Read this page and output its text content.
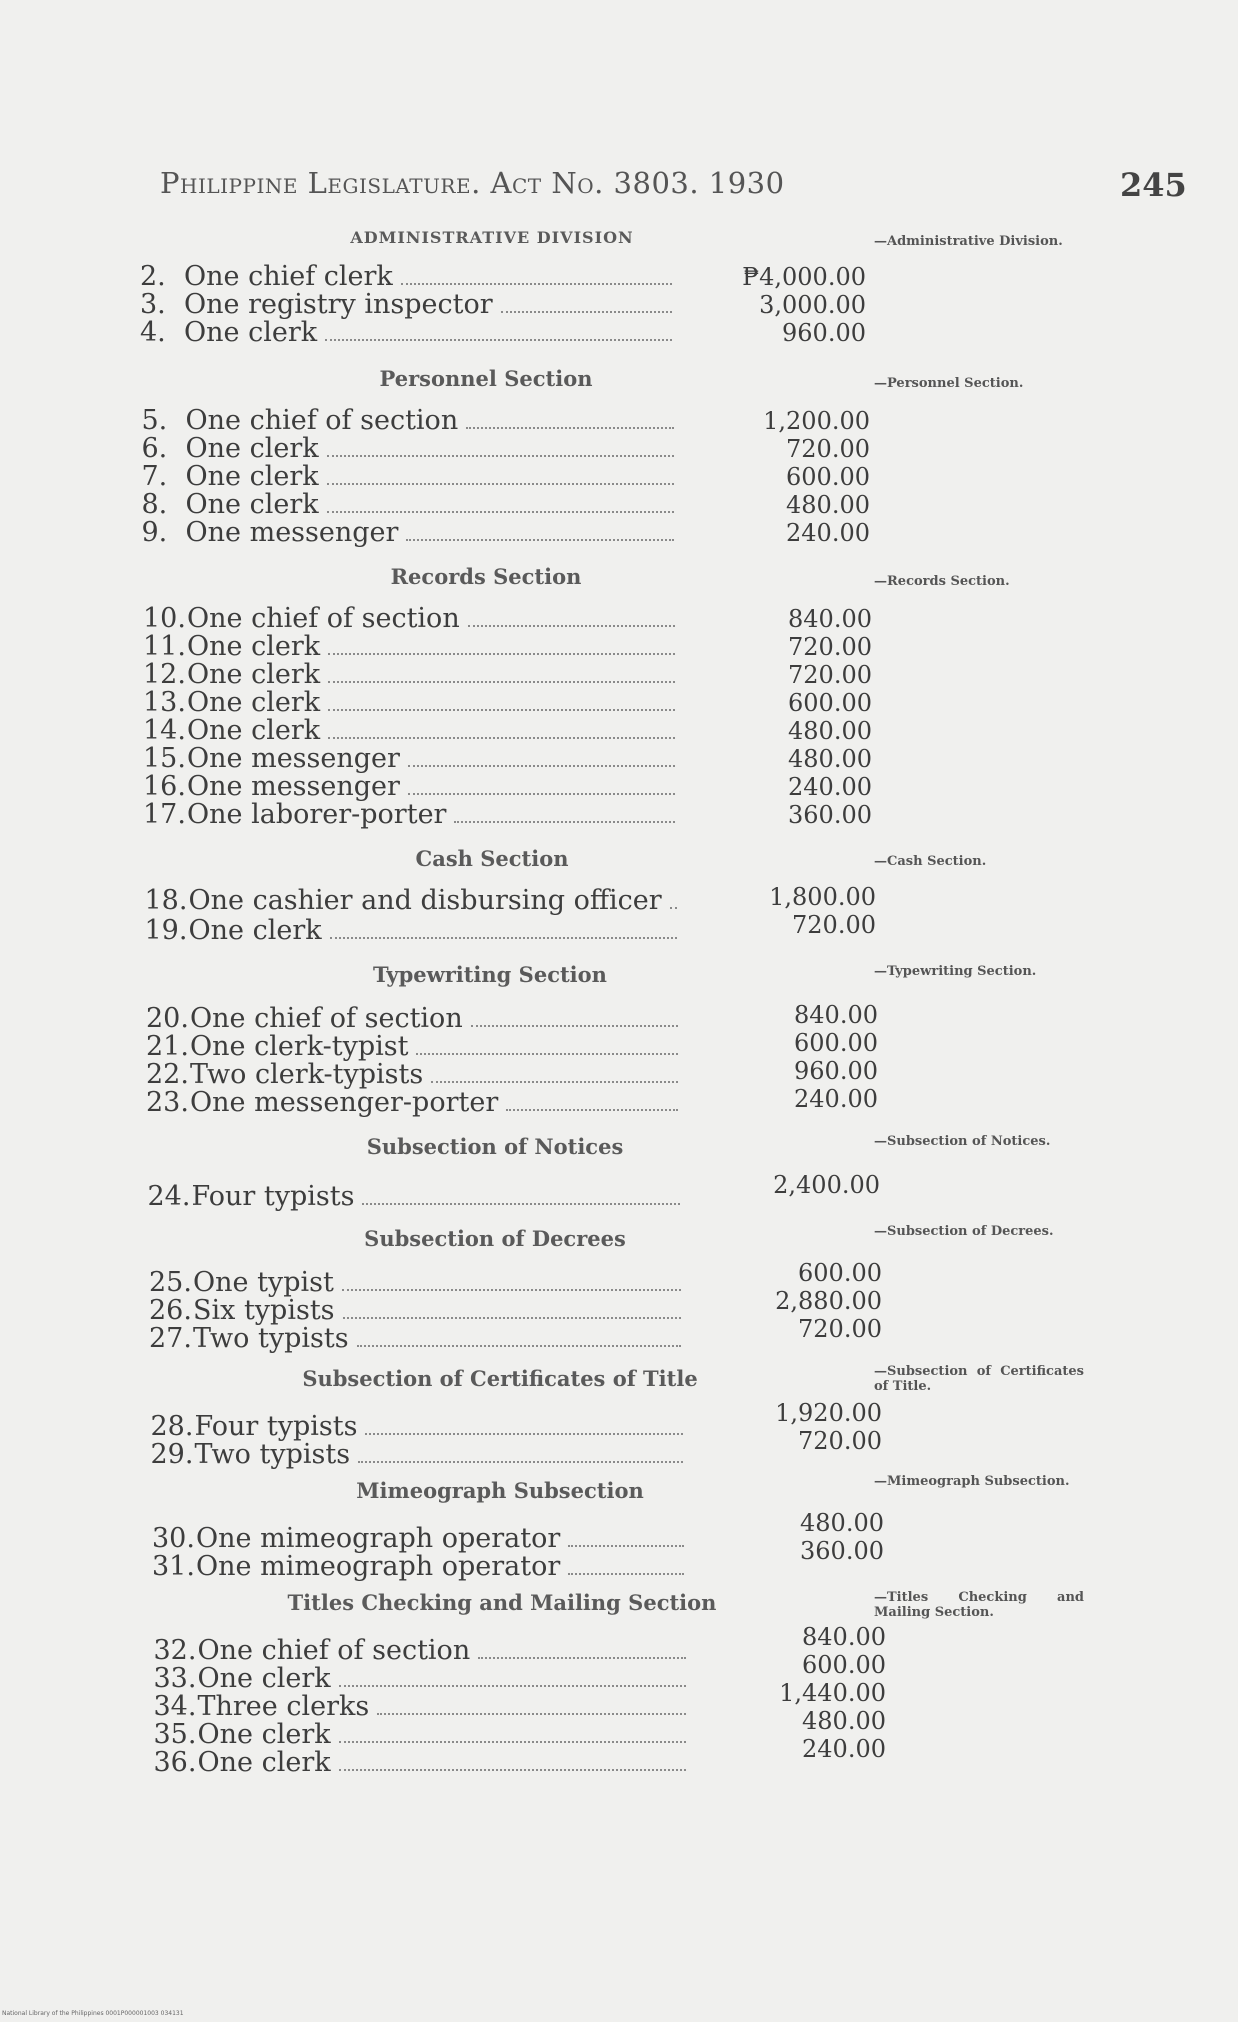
Philippine Legislature. Act No. 3803. 1930	245
ADMINISTRATIVE DIVISION	—Administrative Division.
2. One chief clerk	₱4,000.00
3. One registry inspector	3,000.00
4. One clerk	960.00
Personnel Section	—Personnel Section.
5. One chief of section	1,200.00
6. One clerk	720.00
7. One clerk	600.00
8. One clerk	480.00
9. One messenger	240.00
Records Section	—Records Section.
10. One chief of section	840.00
11. One clerk	720.00
12. One clerk	720.00
13. One clerk	600.00
14. One clerk	480.00
15. One messenger	480.00
16. One messenger	240.00
17. One laborer-porter	360.00
Cash Section	—Cash Section.
18. One cashier and disbursing officer	1,800.00
19. One clerk	720.00
Typewriting Section	—Typewriting Section.
20. One chief of section	840.00
21. One clerk-typist	600.00
22. Two clerk-typists	960.00
23. One messenger-porter	240.00
Subsection of Notices	—Subsection of Notices.
24. Four typists	2,400.00
Subsection of Decrees	—Subsection of Decrees.
25. One typist	600.00
26. Six typists	2,880.00
27. Two typists	720.00
Subsection of Certificates of Title	—Subsection of Certificates of Title.
28. Four typists	1,920.00
29. Two typists	720.00
Mimeograph Subsection	—Mimeograph Subsection.
30. One mimeograph operator	480.00
31. One mimeograph operator	360.00
Titles Checking and Mailing Section	—Titles Checking and Mailing Section.
32. One chief of section	840.00
33. One clerk	600.00
34. Three clerks	1,440.00
35. One clerk	480.00
36. One clerk	240.00
National Library of the Philippines 0001P000001003 034131
